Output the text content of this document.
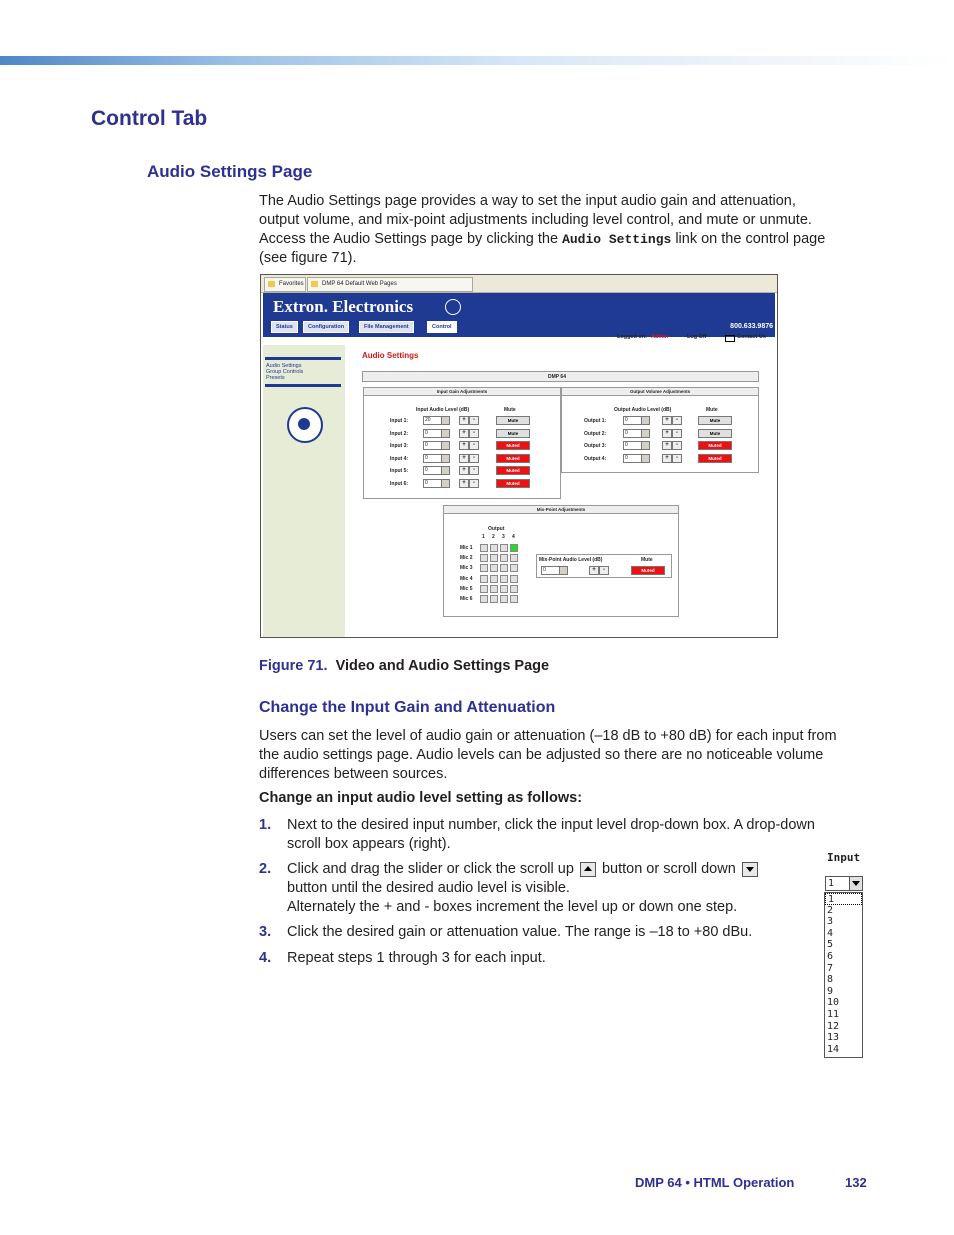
Control Tab
Audio Settings Page
The Audio Settings page provides a way to set the input audio gain and attenuation,
output volume, and mix-point adjustments including level control, and mute or unmute.
Access the Audio Settings page by clicking the Audio Settings link on the control page
(see figure 71).
Favorites	DMP 64 Default Web Pages
Extron. Electronics
800.633.9876
Status	Configuration	File Management	Control
Logged on: Admin	Log Off	Contact Us
Audio Settings
Group Controls
Presets
Audio Settings
DMP 64
Input Gain Adjustments
Input Audio Level (dB)	Mute
Input 1:	20	+	-	Mute
Input 2:	0	+	-	Mute
Input 3:	0	+	-	Muted
Input 4:	0	+	-	Muted
Input 5:	0	+	-	Muted
Input 6:	0	+	-	Muted
Output Volume Adjustments
Output Audio Level (dB)	Mute
Output 1:	0	+	-	Mute
Output 2:	0	+	-	Mute
Output 3:	0	+	-	Muted
Output 4:	0	+	-	Muted
Mix-Point Adjustments
Output
1 2 3 4
Mic 1
Mic 2
Mic 3
Mic 4
Mic 5
Mic 6
Mix-Point Audio Level (dB)	Mute
0	+	-	Muted
Figure 71. Video and Audio Settings Page
Change the Input Gain and Attenuation
Users can set the level of audio gain or attenuation (–18 dB to +80 dB) for each input from
the audio settings page. Audio levels can be adjusted so there are no noticeable volume
differences between sources.
Change an input audio level setting as follows:
1. Next to the desired input number, click the input level drop-down box. A drop-down
scroll box appears (right).
2. Click and drag the slider or click the scroll up button or scroll down
button until the desired audio level is visible.
Alternately the + and - boxes increment the level up or down one step.
3. Click the desired gain or attenuation value. The range is –18 to +80 dBu.
4. Repeat steps 1 through 3 for each input.
Input
1
1
2
3
4
5
6
7
8
9
10
11
12
13
14
DMP 64 • HTML Operation	132
